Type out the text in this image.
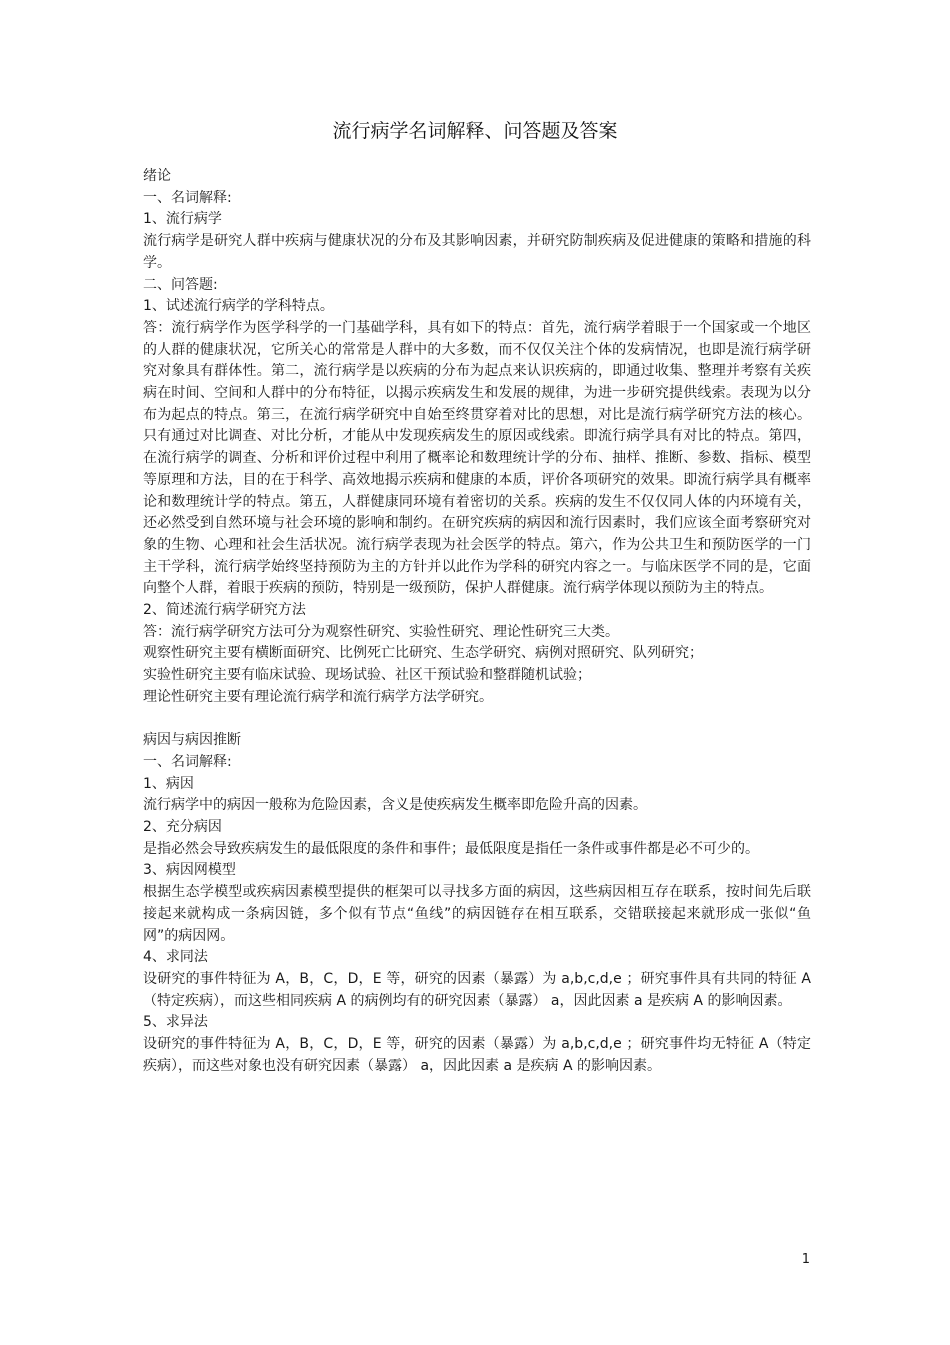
流行病学名词解释、问答题及答案

绪论

一、名词解释:

1、流行病学

流行病学是研究人群中疾病与健康状况的分布及其影响因素，并研究防制疾病及促进健康的策略和措施的科学。

二、问答题:

1、试述流行病学的学科特点。

答：流行病学作为医学科学的一门基础学科，具有如下的特点：首先，流行病学着眼于一个国家或一个地区的人群的健康状况，它所关心的常常是人群中的大多数，而不仅仅关注个体的发病情况，也即是流行病学研究对象具有群体性。第二，流行病学是以疾病的分布为起点来认识疾病的，即通过收集、整理并考察有关疾病在时间、空间和人群中的分布特征，以揭示疾病发生和发展的规律，为进一步研究提供线索。表现为以分布为起点的特点。第三，在流行病学研究中自始至终贯穿着对比的思想，对比是流行病学研究方法的核心。只有通过对比调查、对比分析，才能从中发现疾病发生的原因或线索。即流行病学具有对比的特点。第四，在流行病学的调查、分析和评价过程中利用了概率论和数理统计学的分布、抽样、推断、参数、指标、模型等原理和方法，目的在于科学、高效地揭示疾病和健康的本质，评价各项研究的效果。即流行病学具有概率论和数理统计学的特点。第五，人群健康同环境有着密切的关系。疾病的发生不仅仅同人体的内环境有关，还必然受到自然环境与社会环境的影响和制约。在研究疾病的病因和流行因素时，我们应该全面考察研究对象的生物、心理和社会生活状况。流行病学表现为社会医学的特点。第六，作为公共卫生和预防医学的一门主干学科，流行病学始终坚持预防为主的方针并以此作为学科的研究内容之一。与临床医学不同的是，它面向整个人群，着眼于疾病的预防，特别是一级预防，保护人群健康。流行病学体现以预防为主的特点。

2、简述流行病学研究方法

答：流行病学研究方法可分为观察性研究、实验性研究、理论性研究三大类。

观察性研究主要有横断面研究、比例死亡比研究、生态学研究、病例对照研究、队列研究；

实验性研究主要有临床试验、现场试验、社区干预试验和整群随机试验；

理论性研究主要有理论流行病学和流行病学方法学研究。

病因与病因推断

一、名词解释:

1、病因

流行病学中的病因一般称为危险因素，含义是使疾病发生概率即危险升高的因素。

2、充分病因

是指必然会导致疾病发生的最低限度的条件和事件；最低限度是指任一条件或事件都是必不可少的。

3、病因网模型

根据生态学模型或疾病因素模型提供的框架可以寻找多方面的病因，这些病因相互存在联系，按时间先后联接起来就构成一条病因链，多个似有节点“鱼线”的病因链存在相互联系，交错联接起来就形成一张似“鱼网”的病因网。

4、求同法

设研究的事件特征为 A，B，C，D，E 等，研究的因素（暴露）为 a,b,c,d,e ；研究事件具有共同的特征 A（特定疾病），而这些相同疾病 A 的病例均有的研究因素（暴露） a，因此因素 a 是疾病 A 的影响因素。

5、求异法

设研究的事件特征为 A，B，C，D，E 等，研究的因素（暴露）为 a,b,c,d,e ；研究事件均无特征 A（特定疾病），而这些对象也没有研究因素（暴露） a，因此因素 a 是疾病 A 的影响因素。

1
